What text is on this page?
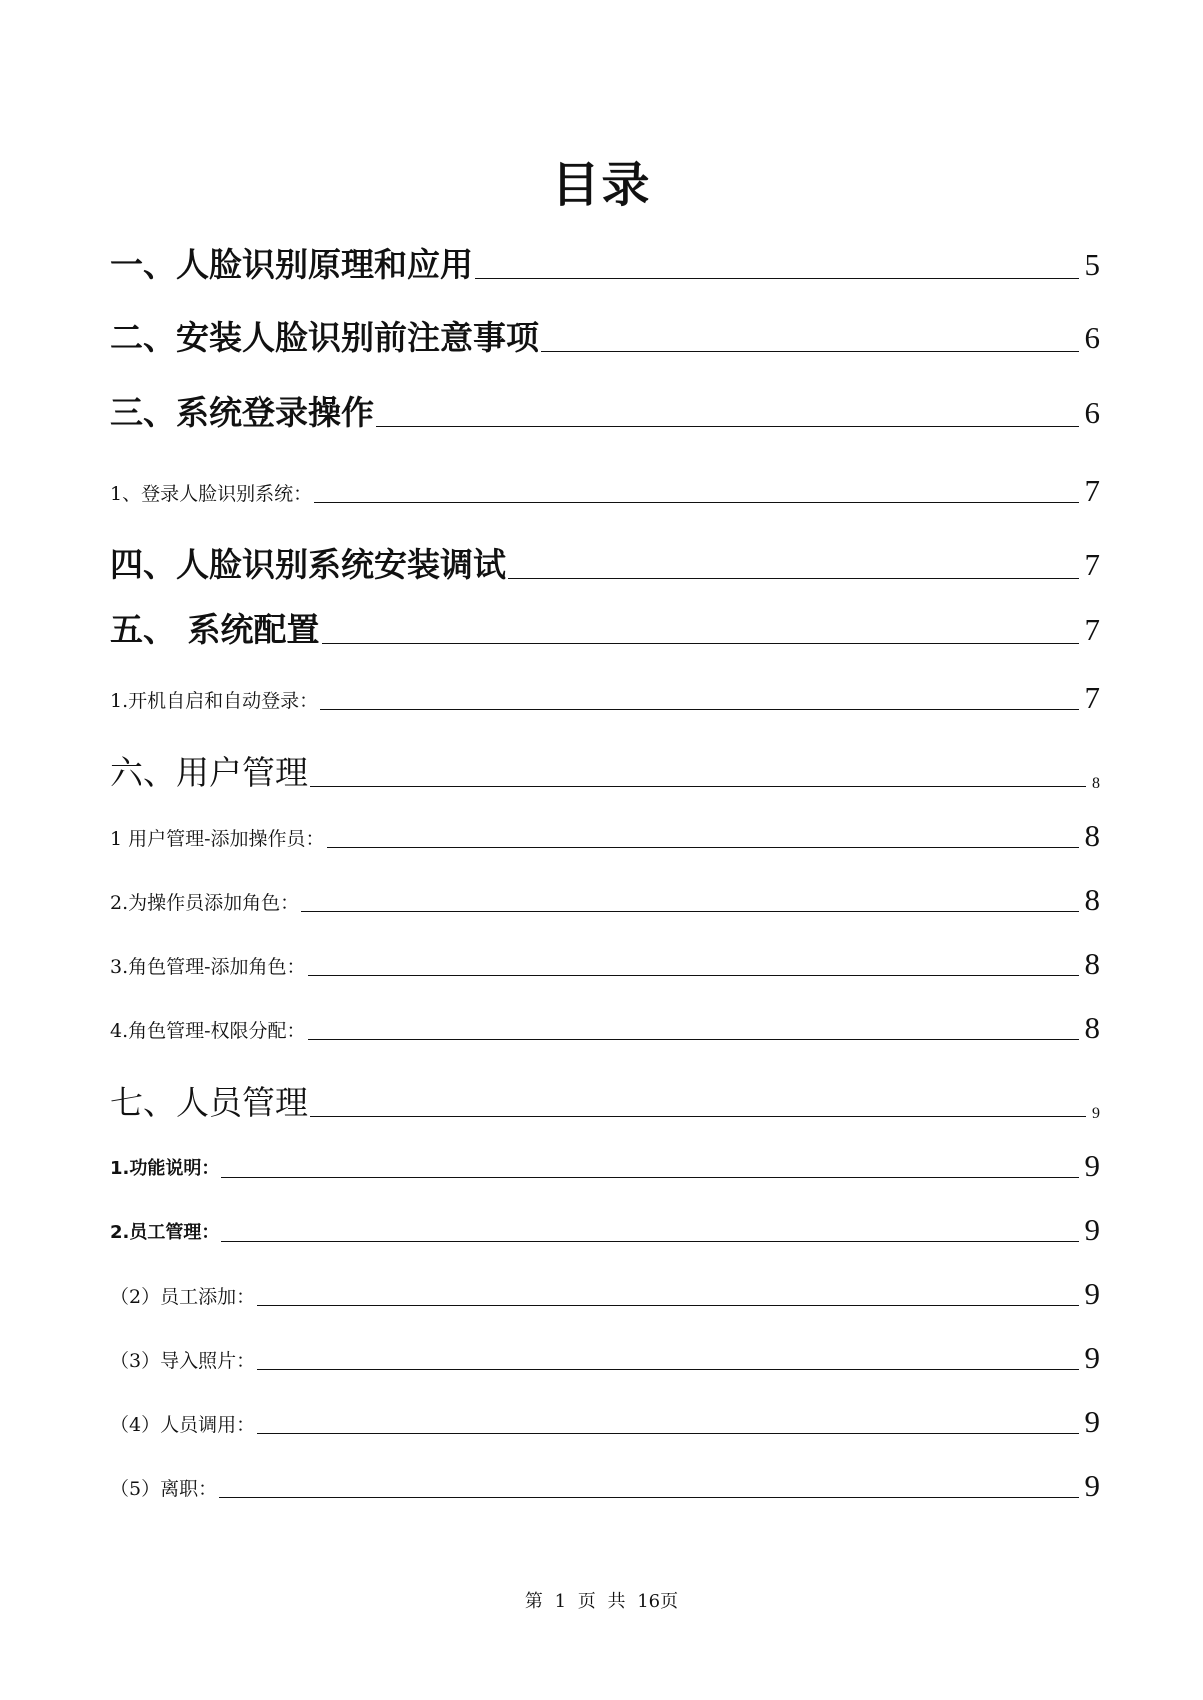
目录
一、人脸识别原理和应用	5
二、安装人脸识别前注意事项	6
三、系统登录操作	6
1、登录人脸识别系统：	7
四、人脸识别系统安装调试	7
五、 系统配置	7
1.开机自启和自动登录：	7
六、用户管理	8
1 用户管理-添加操作员：	8
2.为操作员添加角色：	8
3.角色管理-添加角色：	8
4.角色管理-权限分配：	8
七、人员管理	9
1.功能说明：	9
2.员工管理：	9
（2）员工添加：	9
（3）导入照片：	9
（4）人员调用：	9
（5）离职：	9
第 1 页 共 16页
